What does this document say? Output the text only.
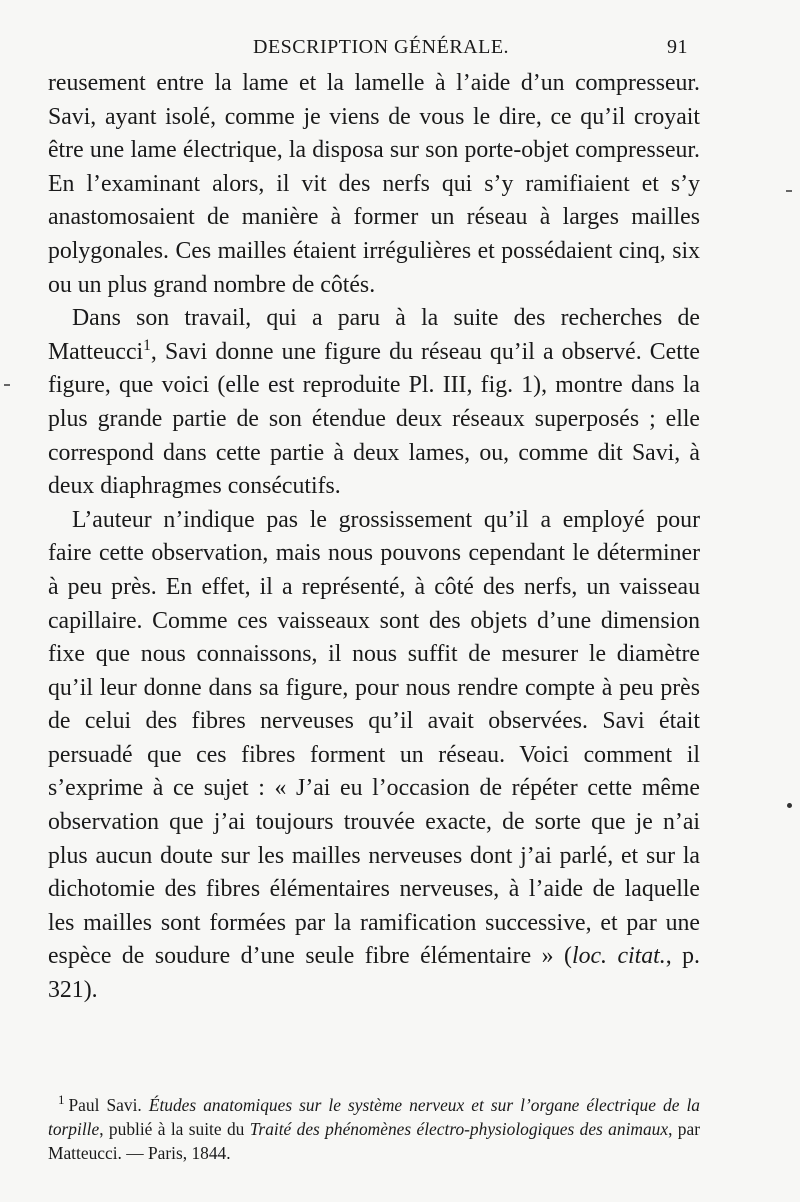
DESCRIPTION GÉNÉRALE.	91

reusement entre la lame et la lamelle à l’aide d’un compresseur. Savi, ayant isolé, comme je viens de vous le dire, ce qu’il croyait être une lame électrique, la disposa sur son porte-objet compresseur. En l’examinant alors, il vit des nerfs qui s’y ramifiaient et s’y anastomosaient de manière à former un réseau à larges mailles polygonales. Ces mailles étaient irrégulières et possédaient cinq, six ou un plus grand nombre de côtés.

Dans son travail, qui a paru à la suite des recherches de Matteucci$^1$, Savi donne une figure du réseau qu’il a observé. Cette figure, que voici (elle est reproduite Pl. III, fig. 1), montre dans la plus grande partie de son étendue deux réseaux superposés ; elle correspond dans cette partie à deux lames, ou, comme dit Savi, à deux diaphragmes consécutifs.

L’auteur n’indique pas le grossissement qu’il a employé pour faire cette observation, mais nous pouvons cependant le déterminer à peu près. En effet, il a représenté, à côté des nerfs, un vaisseau capillaire. Comme ces vaisseaux sont des objets d’une dimension fixe que nous connaissons, il nous suffit de mesurer le diamètre qu’il leur donne dans sa figure, pour nous rendre compte à peu près de celui des fibres nerveuses qu’il avait observées. Savi était persuadé que ces fibres forment un réseau. Voici comment il s’exprime à ce sujet : « J’ai eu l’occasion de répéter cette même observation que j’ai toujours trouvée exacte, de sorte que je n’ai plus aucun doute sur les mailles nerveuses dont j’ai parlé, et sur la dichotomie des fibres élémentaires nerveuses, à l’aide de laquelle les mailles sont formées par la ramification successive, et par une espèce de soudure d’une seule fibre élémentaire » (loc. citat., p. 321).

$^1$ Paul Savi. Études anatomiques sur le système nerveux et sur l’organe électrique de la torpille, publié à la suite du Traité des phénomènes électro-physiologiques des animaux, par Matteucci. — Paris, 1844.
